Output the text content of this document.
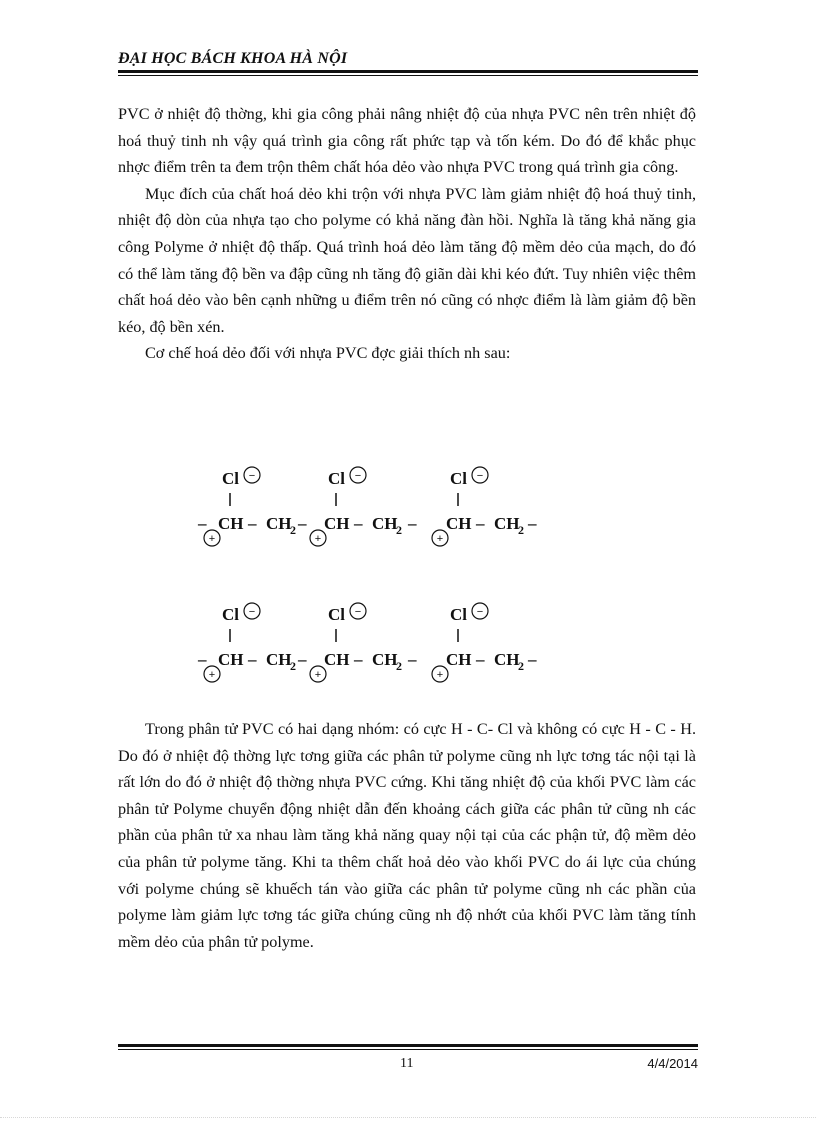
ĐẠI HỌC BÁCH KHOA HÀ NỘI

PVC ở nhiệt độ thờng, khi gia công phải nâng nhiệt độ của nhựa PVC nên trên nhiệt độ hoá thuỷ tinh nh vậy quá trình gia công rất phức tạp và tốn kém. Do đó để khắc phục nhợc điểm trên ta đem trộn thêm chất hóa dẻo vào nhựa PVC trong quá trình gia công.

Mục đích của chất hoá dẻo khi trộn với nhựa PVC làm giảm nhiệt độ hoá thuỷ tinh, nhiệt độ dòn của nhựa tạo cho polyme có khả năng đàn hồi. Nghĩa là tăng khả năng gia công Polyme ở nhiệt độ thấp. Quá trình hoá dẻo làm tăng độ mềm dẻo của mạch, do đó có thể làm tăng độ bền va đập cũng nh tăng độ giãn dài khi kéo đứt. Tuy nhiên việc thêm chất hoá dẻo vào bên cạnh những u điểm trên nó cũng có nhợc điểm là làm giảm độ bền kéo, độ bền xén.

Cơ chế hoá dẻo đối với nhựa PVC đợc giải thích nh sau:

Cl −
– CH
+
– CH
2 –
Cl −
CH
+
– CH
2 –
Cl −
CH
+
– CH
2 –
Cl −
– CH
+
– CH
2 –
Cl −
CH
+
– CH
2 –
Cl −
CH
+
– CH
2 –

Trong phân tử PVC có hai dạng nhóm: có cực H - C- Cl và không có cực H - C - H. Do đó ở nhiệt độ thờng lực tơng giữa các phân tử polyme cũng nh lực tơng tác nội tại là rất lớn do đó ở nhiệt độ thờng nhựa PVC cứng. Khi tăng nhiệt độ của khối PVC làm các phân tử Polyme chuyển động nhiệt dẫn đến khoảng cách giữa các phân tử cũng nh các phần của phân tử xa nhau làm tăng khả năng quay nội tại của các phận tử, độ mềm dẻo của phân tử polyme tăng. Khi ta thêm chất hoả dẻo vào khối PVC do ái lực của chúng với polyme chúng sẽ khuếch tán vào giữa các phân tử polyme cũng nh các phần của polyme làm giảm lực tơng tác giữa chúng cũng nh độ nhớt của khối PVC làm tăng tính mềm dẻo của phân tử polyme.

11	4/4/2014
